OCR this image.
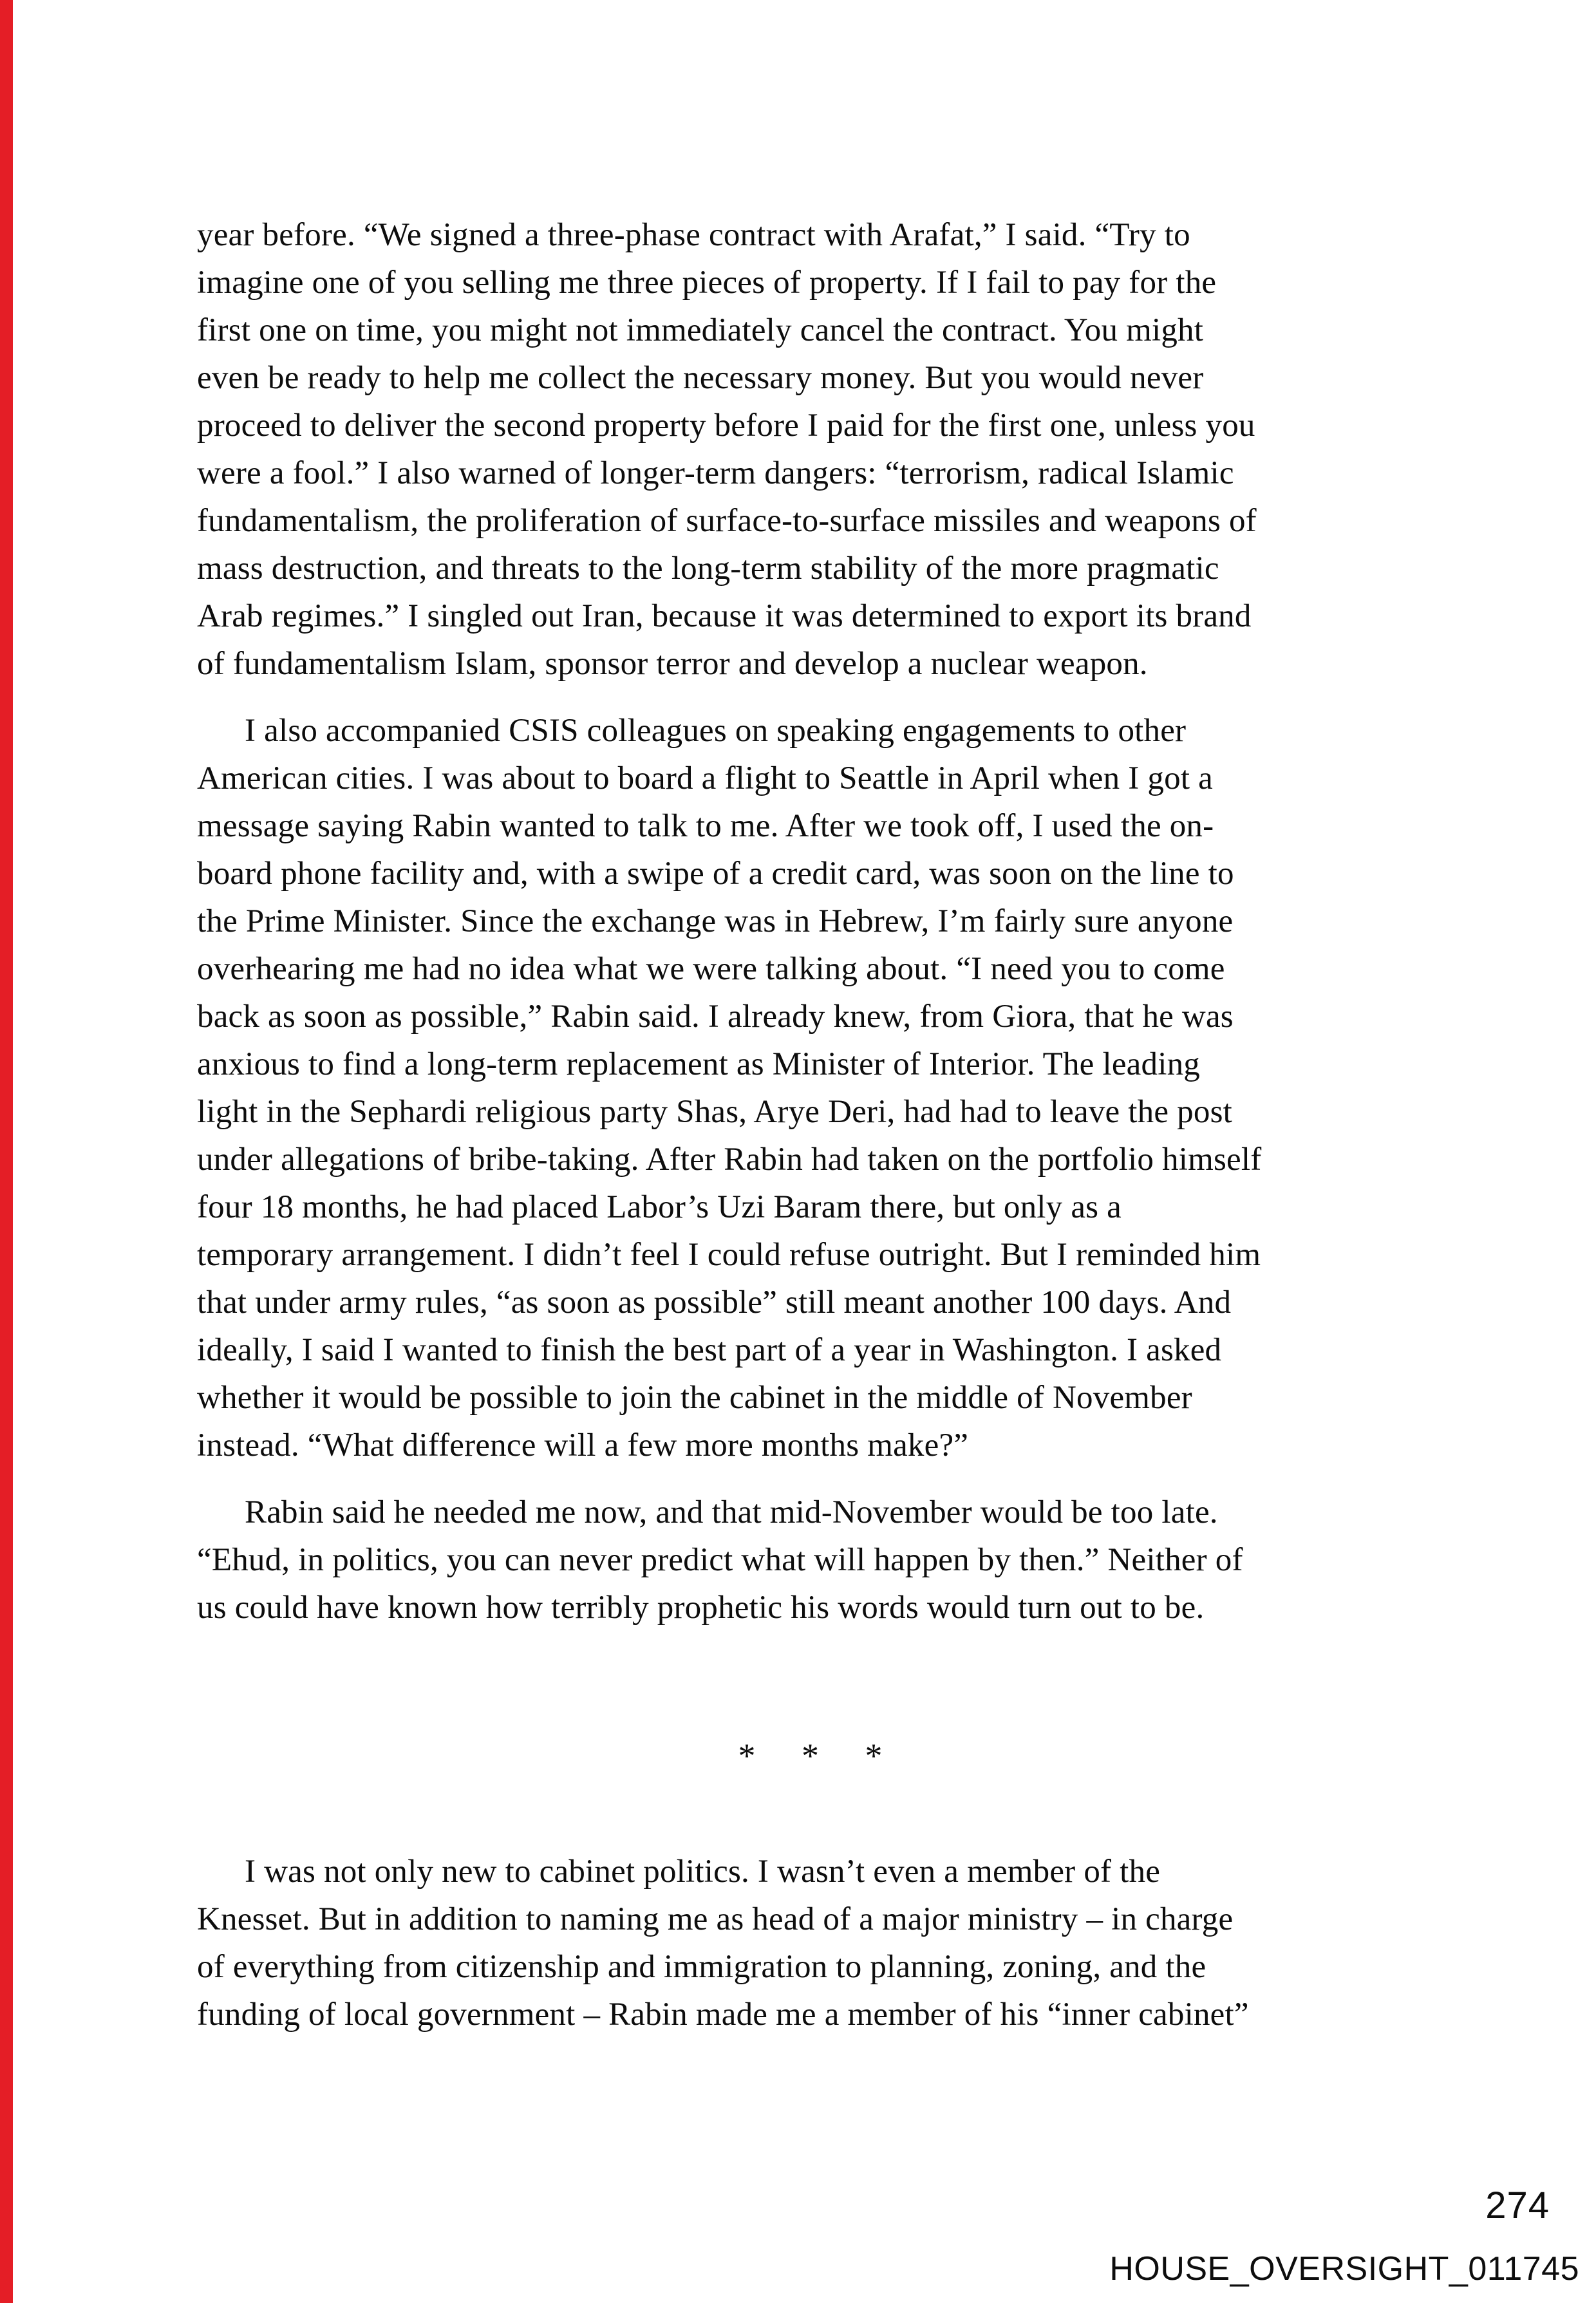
year before. “We signed a three-phase contract with Arafat,” I said. “Try to
imagine one of you selling me three pieces of property. If I fail to pay for the
first one on time, you might not immediately cancel the contract. You might
even be ready to help me collect the necessary money. But you would never
proceed to deliver the second property before I paid for the first one, unless you
were a fool.” I also warned of longer-term dangers: “terrorism, radical Islamic
fundamentalism, the proliferation of surface-to-surface missiles and weapons of
mass destruction, and threats to the long-term stability of the more pragmatic
Arab regimes.” I singled out Iran, because it was determined to export its brand
of fundamentalism Islam, sponsor terror and develop a nuclear weapon.
I also accompanied CSIS colleagues on speaking engagements to other
American cities. I was about to board a flight to Seattle in April when I got a
message saying Rabin wanted to talk to me. After we took off, I used the on-
board phone facility and, with a swipe of a credit card, was soon on the line to
the Prime Minister. Since the exchange was in Hebrew, I’m fairly sure anyone
overhearing me had no idea what we were talking about. “I need you to come
back as soon as possible,” Rabin said. I already knew, from Giora, that he was
anxious to find a long-term replacement as Minister of Interior. The leading
light in the Sephardi religious party Shas, Arye Deri, had had to leave the post
under allegations of bribe-taking. After Rabin had taken on the portfolio himself
four 18 months, he had placed Labor’s Uzi Baram there, but only as a
temporary arrangement. I didn’t feel I could refuse outright. But I reminded him
that under army rules, “as soon as possible” still meant another 100 days. And
ideally, I said I wanted to finish the best part of a year in Washington. I asked
whether it would be possible to join the cabinet in the middle of November
instead. “What difference will a few more months make?”
Rabin said he needed me now, and that mid-November would be too late.
“Ehud, in politics, you can never predict what will happen by then.” Neither of
us could have known how terribly prophetic his words would turn out to be.
* * *
I was not only new to cabinet politics. I wasn’t even a member of the
Knesset. But in addition to naming me as head of a major ministry – in charge
of everything from citizenship and immigration to planning, zoning, and the
funding of local government – Rabin made me a member of his “inner cabinet”
274
HOUSE_OVERSIGHT_011745
